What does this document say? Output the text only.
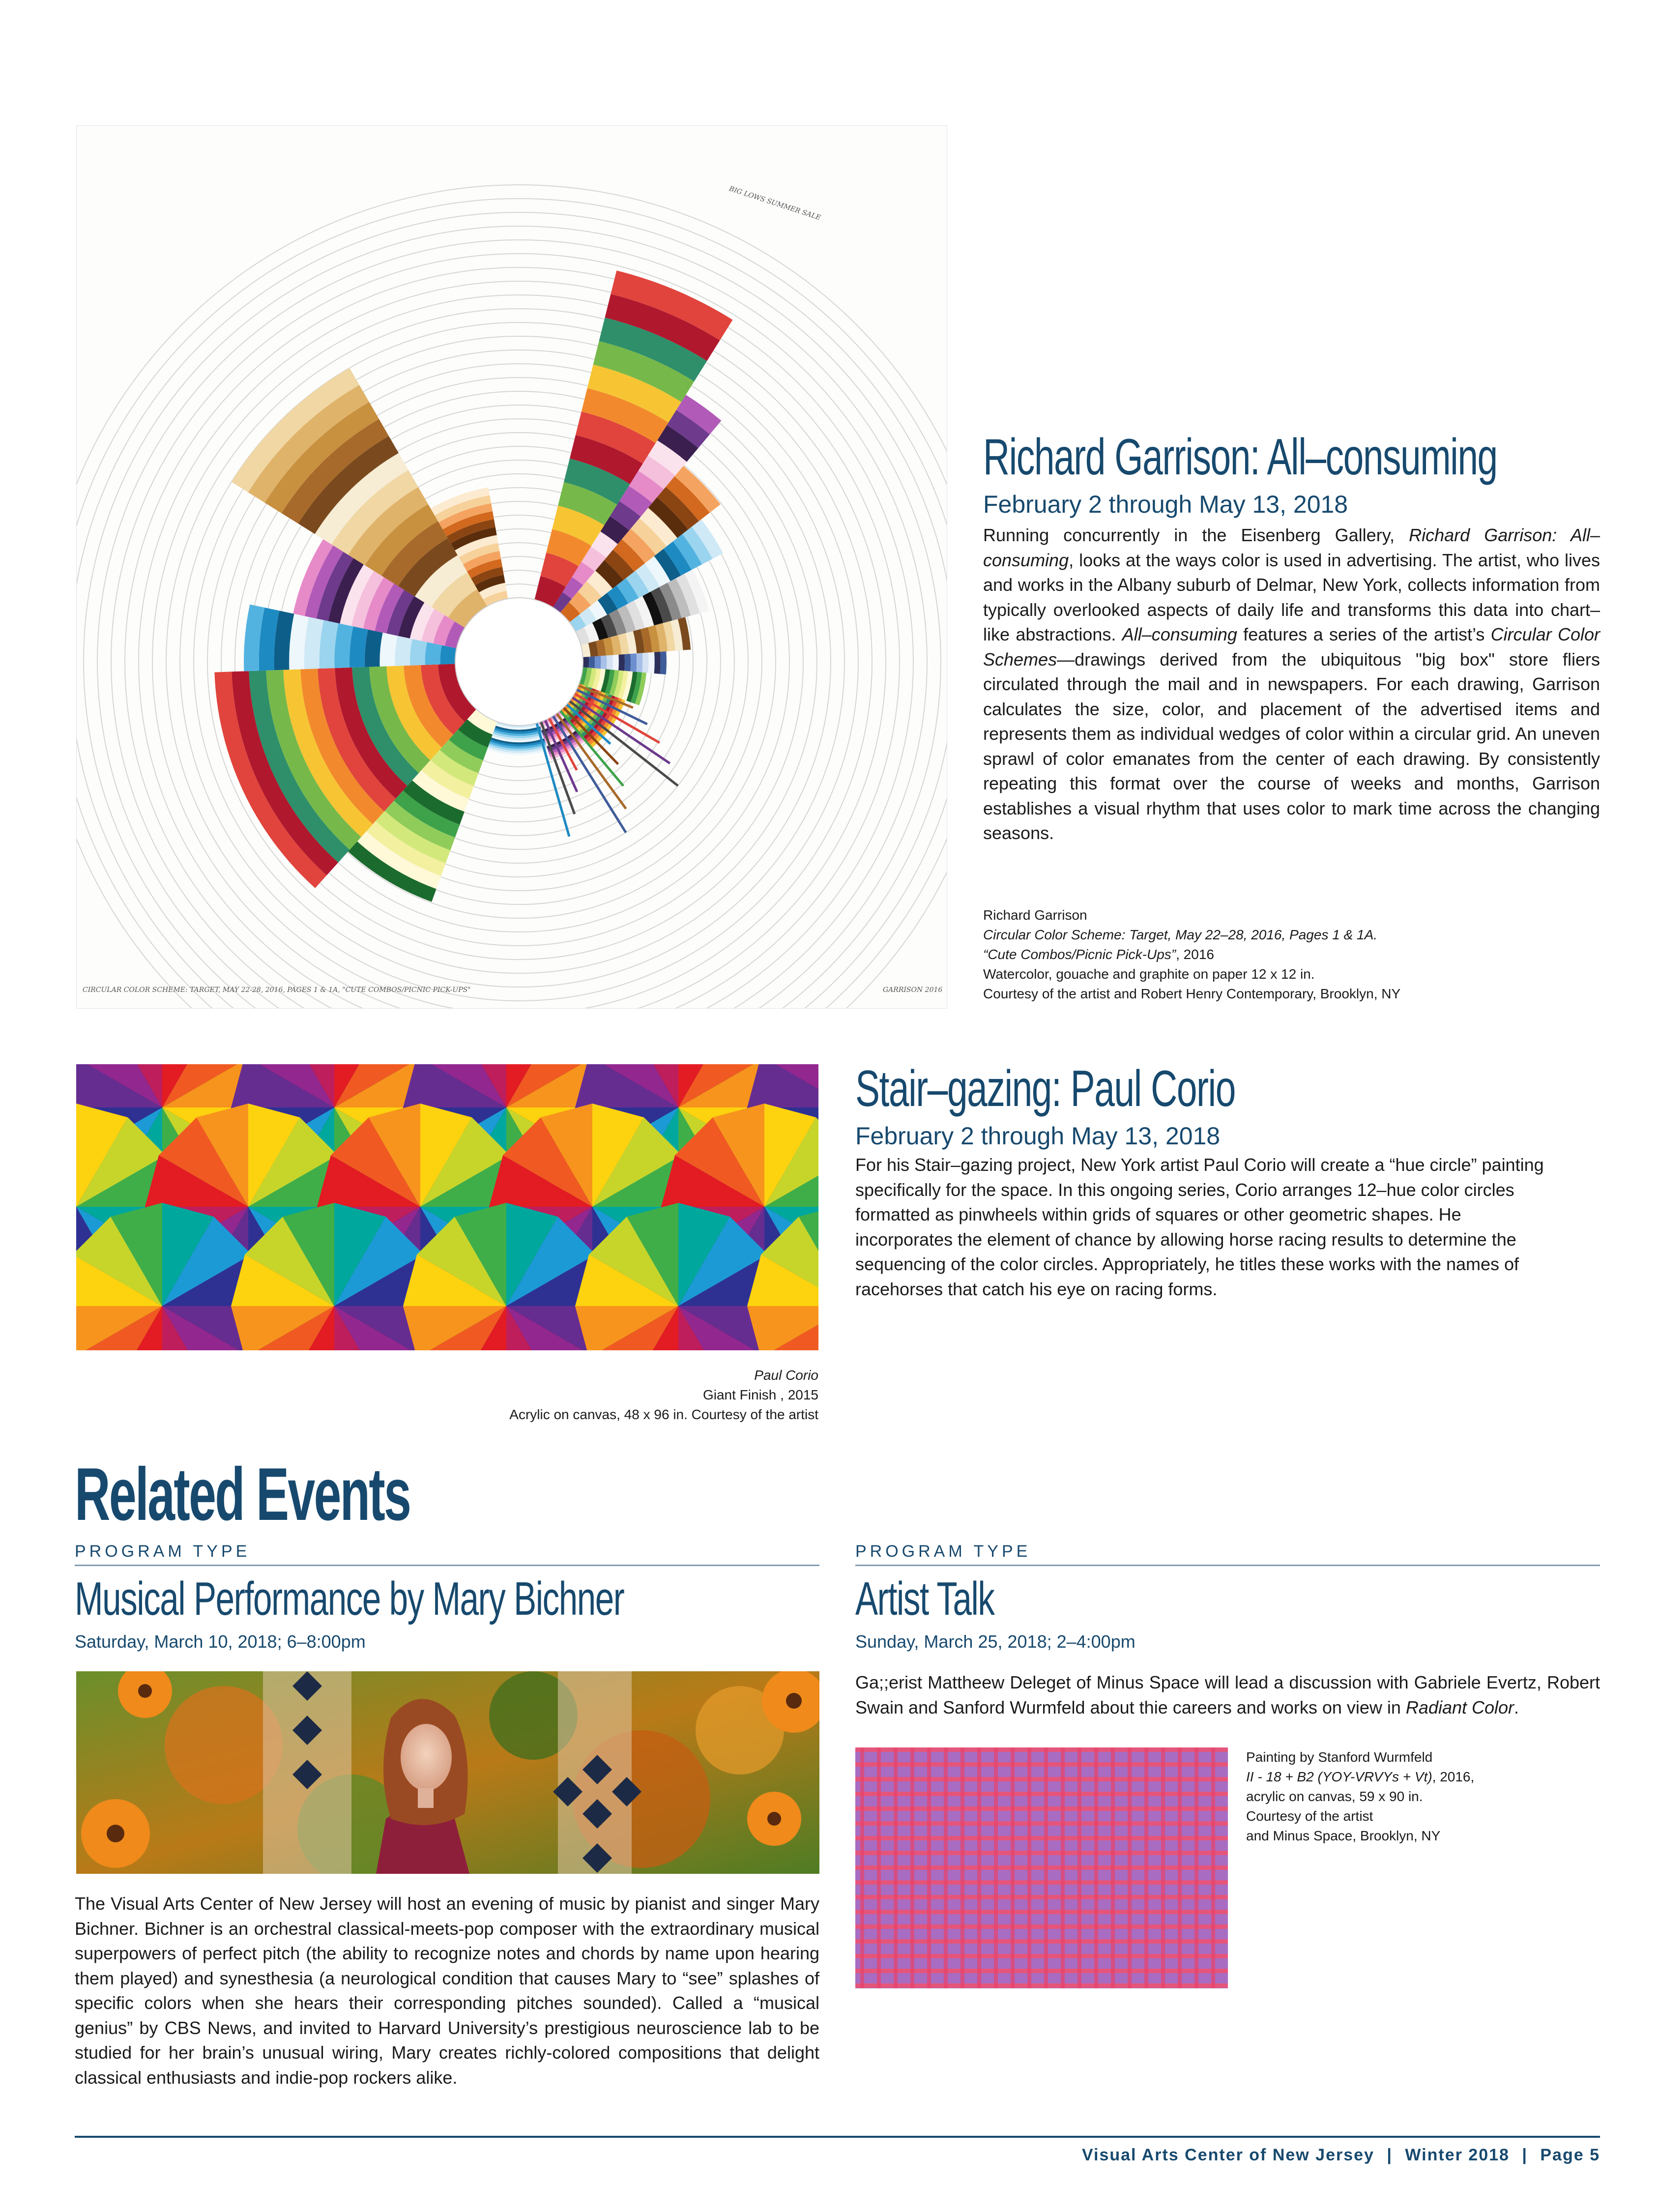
CIRCULAR COLOR SCHEME: TARGET, MAY 22-28, 2016, PAGES 1 & 1A, "CUTE COMBOS/PICNIC PICK-UPS"	GARRISON 2016
BIG LOWS SUMMER SALE
Richard Garrison: All–consuming
February 2 through May 13, 2018
Running concurrently in the Eisenberg Gallery, Richard Garrison: All–consuming, looks at the ways color is used in advertising. The artist, who lives and works in the Albany suburb of Delmar, New York, collects information from typically overlooked aspects of daily life and transforms this data into chart–like abstractions. All–consuming features a series of the artist’s Circular Color Schemes—drawings derived from the ubiquitous "big box" store fliers circulated through the mail and in newspapers. For each drawing, Garrison calculates the size, color, and placement of the advertised items and represents them as individual wedges of color within a circular grid. An uneven sprawl of color emanates from the center of each drawing. By consistently repeating this format over the course of weeks and months, Garrison establishes a visual rhythm that uses color to mark time across the changing seasons.
Richard Garrison
Circular Color Scheme: Target, May 22–28, 2016, Pages 1 & 1A.
“Cute Combos/Picnic Pick-Ups”, 2016
Watercolor, gouache and graphite on paper 12 x 12 in.
Courtesy of the artist and Robert Henry Contemporary, Brooklyn, NY
Paul Corio
Giant Finish , 2015
Acrylic on canvas, 48 x 96 in. Courtesy of the artist
Stair–gazing: Paul Corio
February 2 through May 13, 2018
For his Stair–gazing project, New York artist Paul Corio will create a “hue circle” painting specifically for the space. In this ongoing series, Corio arranges 12–hue color circles formatted as pinwheels within grids of squares or other geometric shapes. He incorporates the element of chance by allowing horse racing results to determine the sequencing of the color circles. Appropriately, he titles these works with the names of racehorses that catch his eye on racing forms.
Related Events
PROGRAM TYPE
Musical Performance by Mary Bichner
Saturday, March 10, 2018; 6–8:00pm
The Visual Arts Center of New Jersey will host an evening of music by pianist and singer Mary Bichner. Bichner is an orchestral classical-meets-pop composer with the extraordinary musical superpowers of perfect pitch (the ability to recognize notes and chords by name upon hearing them played) and synesthesia (a neurological condition that causes Mary to “see” splashes of specific colors when she hears their corresponding pitches sounded). Called a “musical genius” by CBS News, and invited to Harvard University’s prestigious neuroscience lab to be studied for her brain’s unusual wiring, Mary creates richly-colored compositions that delight classical enthusiasts and indie-pop rockers alike.
PROGRAM TYPE
Artist Talk
Sunday, March 25, 2018; 2–4:00pm
Ga;;erist Mattheew Deleget of Minus Space will lead a discussion with Gabriele Evertz, Robert Swain and Sanford Wurmfeld about thie careers and works on view in Radiant Color.
Painting by Stanford Wurmfeld
II - 18 + B2 (YOY-VRVYs + Vt), 2016,
acrylic on canvas, 59 x 90 in.
Courtesy of the artist
and Minus Space, Brooklyn, NY
Visual Arts Center of New Jersey | Winter 2018 | Page 5
